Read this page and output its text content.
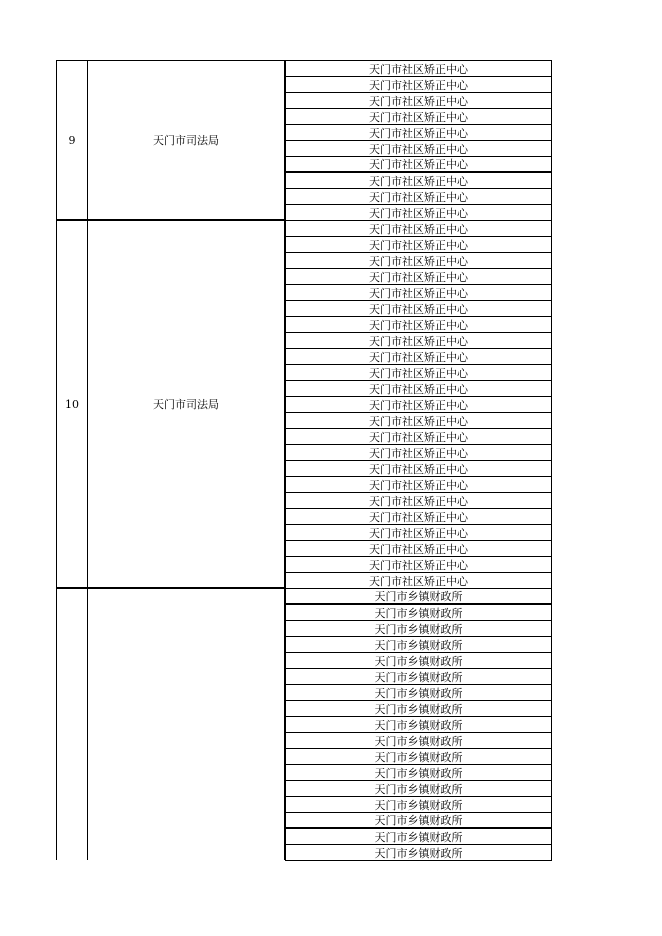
9	天门市司法局
天门市社区矫正中心
天门市社区矫正中心
天门市社区矫正中心
天门市社区矫正中心
天门市社区矫正中心
天门市社区矫正中心
天门市社区矫正中心
天门市社区矫正中心
天门市社区矫正中心
天门市社区矫正中心
10	天门市司法局
天门市社区矫正中心
天门市社区矫正中心
天门市社区矫正中心
天门市社区矫正中心
天门市社区矫正中心
天门市社区矫正中心
天门市社区矫正中心
天门市社区矫正中心
天门市社区矫正中心
天门市社区矫正中心
天门市社区矫正中心
天门市社区矫正中心
天门市社区矫正中心
天门市社区矫正中心
天门市社区矫正中心
天门市社区矫正中心
天门市社区矫正中心
天门市社区矫正中心
天门市社区矫正中心
天门市社区矫正中心
天门市社区矫正中心
天门市社区矫正中心
天门市社区矫正中心
天门市乡镇财政所
天门市乡镇财政所
天门市乡镇财政所
天门市乡镇财政所
天门市乡镇财政所
天门市乡镇财政所
天门市乡镇财政所
天门市乡镇财政所
天门市乡镇财政所
天门市乡镇财政所
天门市乡镇财政所
天门市乡镇财政所
天门市乡镇财政所
天门市乡镇财政所
天门市乡镇财政所
天门市乡镇财政所
天门市乡镇财政所
